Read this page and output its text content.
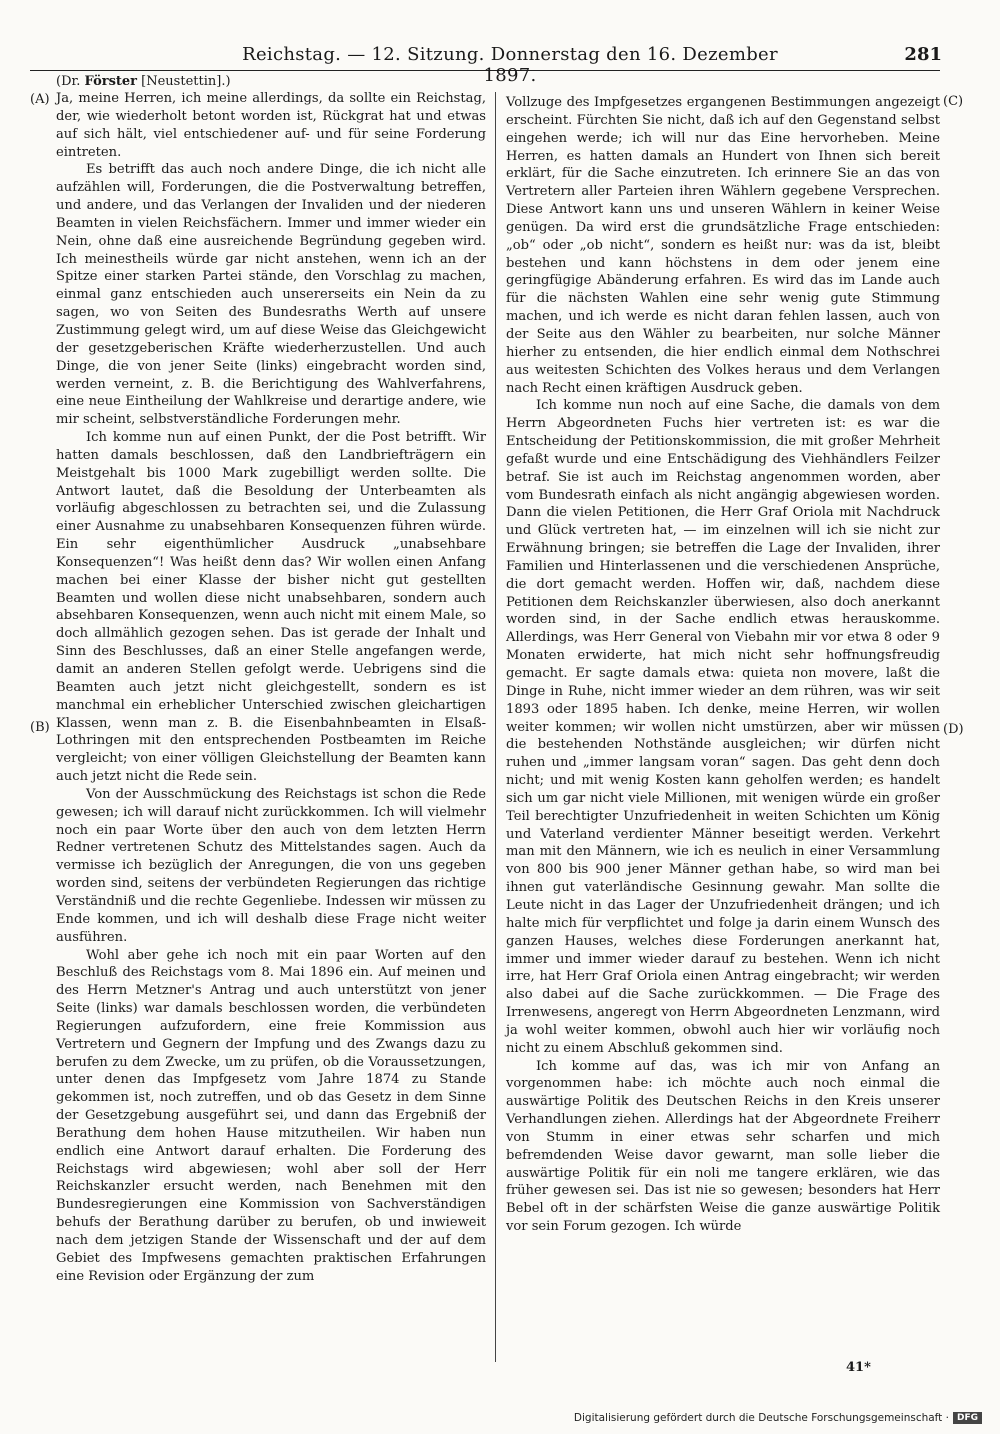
Reichstag. — 12. Sitzung. Donnerstag den 16. Dezember 1897.
281
(Dr. Förster [Neustettin].)
(A)
(B)
(C)
(D)

Ja, meine Herren, ich meine allerdings, da sollte ein Reichstag, der, wie wiederholt betont worden ist, Rückgrat hat und etwas auf sich hält, viel entschiedener auf- und für seine Forderung eintreten.

Es betrifft das auch noch andere Dinge, die ich nicht alle aufzählen will, Forderungen, die die Postverwaltung betreffen, und andere, und das Verlangen der Invaliden und der niederen Beamten in vielen Reichsfächern. Immer und immer wieder ein Nein, ohne daß eine ausreichende Begründung gegeben wird. Ich meinestheils würde gar nicht anstehen, wenn ich an der Spitze einer starken Partei stände, den Vorschlag zu machen, einmal ganz entschieden auch unsererseits ein Nein da zu sagen, wo von Seiten des Bundesraths Werth auf unsere Zustimmung gelegt wird, um auf diese Weise das Gleichgewicht der gesetzgeberischen Kräfte wiederherzustellen. Und auch Dinge, die von jener Seite (links) eingebracht worden sind, werden verneint, z. B. die Berichtigung des Wahlverfahrens, eine neue Eintheilung der Wahlkreise und derartige andere, wie mir scheint, selbstverständliche Forderungen mehr.

Ich komme nun auf einen Punkt, der die Post betrifft. Wir hatten damals beschlossen, daß den Landbriefträgern ein Meistgehalt bis 1000 Mark zugebilligt werden sollte. Die Antwort lautet, daß die Besoldung der Unterbeamten als vorläufig abgeschlossen zu betrachten sei, und die Zulassung einer Ausnahme zu unabsehbaren Konsequenzen führen würde. Ein sehr eigenthümlicher Ausdruck „unabsehbare Konsequenzen“! Was heißt denn das? Wir wollen einen Anfang machen bei einer Klasse der bisher nicht gut gestellten Beamten und wollen diese nicht unabsehbaren, sondern auch absehbaren Konsequenzen, wenn auch nicht mit einem Male, so doch allmählich gezogen sehen. Das ist gerade der Inhalt und Sinn des Beschlusses, daß an einer Stelle angefangen werde, damit an anderen Stellen gefolgt werde. Uebrigens sind die Beamten auch jetzt nicht gleichgestellt, sondern es ist manchmal ein erheblicher Unterschied zwischen gleichartigen Klassen, wenn man z. B. die Eisenbahnbeamten in Elsaß-Lothringen mit den entsprechenden Postbeamten im Reiche vergleicht; von einer völligen Gleichstellung der Beamten kann auch jetzt nicht die Rede sein.

Von der Ausschmückung des Reichstags ist schon die Rede gewesen; ich will darauf nicht zurückkommen. Ich will vielmehr noch ein paar Worte über den auch von dem letzten Herrn Redner vertretenen Schutz des Mittelstandes sagen. Auch da vermisse ich bezüglich der Anregungen, die von uns gegeben worden sind, seitens der verbündeten Regierungen das richtige Verständniß und die rechte Gegenliebe. Indessen wir müssen zu Ende kommen, und ich will deshalb diese Frage nicht weiter ausführen.

Wohl aber gehe ich noch mit ein paar Worten auf den Beschluß des Reichstags vom 8. Mai 1896 ein. Auf meinen und des Herrn Metzner's Antrag und auch unterstützt von jener Seite (links) war damals beschlossen worden, die verbündeten Regierungen aufzufordern, eine freie Kommission aus Vertretern und Gegnern der Impfung und des Zwangs dazu zu berufen zu dem Zwecke, um zu prüfen, ob die Voraussetzungen, unter denen das Impfgesetz vom Jahre 1874 zu Stande gekommen ist, noch zutreffen, und ob das Gesetz in dem Sinne der Gesetzgebung ausgeführt sei, und dann das Ergebniß der Berathung dem hohen Hause mitzutheilen. Wir haben nun endlich eine Antwort darauf erhalten. Die Forderung des Reichstags wird abgewiesen; wohl aber soll der Herr Reichskanzler ersucht werden, nach Benehmen mit den Bundesregierungen eine Kommission von Sachverständigen behufs der Berathung darüber zu berufen, ob und inwieweit nach dem jetzigen Stande der Wissenschaft und der auf dem Gebiet des Impfwesens gemachten praktischen Erfahrungen eine Revision oder Ergänzung der zum

Vollzuge des Impfgesetzes ergangenen Bestimmungen angezeigt erscheint. Fürchten Sie nicht, daß ich auf den Gegenstand selbst eingehen werde; ich will nur das Eine hervorheben. Meine Herren, es hatten damals an Hundert von Ihnen sich bereit erklärt, für die Sache einzutreten. Ich erinnere Sie an das von Vertretern aller Parteien ihren Wählern gegebene Versprechen. Diese Antwort kann uns und unseren Wählern in keiner Weise genügen. Da wird erst die grundsätzliche Frage entschieden: „ob“ oder „ob nicht“, sondern es heißt nur: was da ist, bleibt bestehen und kann höchstens in dem oder jenem eine geringfügige Abänderung erfahren. Es wird das im Lande auch für die nächsten Wahlen eine sehr wenig gute Stimmung machen, und ich werde es nicht daran fehlen lassen, auch von der Seite aus den Wähler zu bearbeiten, nur solche Männer hierher zu entsenden, die hier endlich einmal dem Nothschrei aus weitesten Schichten des Volkes heraus und dem Verlangen nach Recht einen kräftigen Ausdruck geben.

Ich komme nun noch auf eine Sache, die damals von dem Herrn Abgeordneten Fuchs hier vertreten ist: es war die Entscheidung der Petitionskommission, die mit großer Mehrheit gefaßt wurde und eine Entschädigung des Viehhändlers Feilzer betraf. Sie ist auch im Reichstag angenommen worden, aber vom Bundesrath einfach als nicht angängig abgewiesen worden. Dann die vielen Petitionen, die Herr Graf Oriola mit Nachdruck und Glück vertreten hat, — im einzelnen will ich sie nicht zur Erwähnung bringen; sie betreffen die Lage der Invaliden, ihrer Familien und Hinterlassenen und die verschiedenen Ansprüche, die dort gemacht werden. Hoffen wir, daß, nachdem diese Petitionen dem Reichskanzler überwiesen, also doch anerkannt worden sind, in der Sache endlich etwas herauskomme. Allerdings, was Herr General von Viebahn mir vor etwa 8 oder 9 Monaten erwiderte, hat mich nicht sehr hoffnungsfreudig gemacht. Er sagte damals etwa: quieta non movere, laßt die Dinge in Ruhe, nicht immer wieder an dem rühren, was wir seit 1893 oder 1895 haben. Ich denke, meine Herren, wir wollen weiter kommen; wir wollen nicht umstürzen, aber wir müssen die bestehenden Nothstände ausgleichen; wir dürfen nicht ruhen und „immer langsam voran“ sagen. Das geht denn doch nicht; und mit wenig Kosten kann geholfen werden; es handelt sich um gar nicht viele Millionen, mit wenigen würde ein großer Teil berechtigter Unzufriedenheit in weiten Schichten um König und Vaterland verdienter Männer beseitigt werden. Verkehrt man mit den Männern, wie ich es neulich in einer Versammlung von 800 bis 900 jener Männer gethan habe, so wird man bei ihnen gut vaterländische Gesinnung gewahr. Man sollte die Leute nicht in das Lager der Unzufriedenheit drängen; und ich halte mich für verpflichtet und folge ja darin einem Wunsch des ganzen Hauses, welches diese Forderungen anerkannt hat, immer und immer wieder darauf zu bestehen. Wenn ich nicht irre, hat Herr Graf Oriola einen Antrag eingebracht; wir werden also dabei auf die Sache zurückkommen. — Die Frage des Irrenwesens, angeregt von Herrn Abgeordneten Lenzmann, wird ja wohl weiter kommen, obwohl auch hier wir vorläufig noch nicht zu einem Abschluß gekommen sind.

Ich komme auf das, was ich mir von Anfang an vorgenommen habe: ich möchte auch noch einmal die auswärtige Politik des Deutschen Reichs in den Kreis unserer Verhandlungen ziehen. Allerdings hat der Abgeordnete Freiherr von Stumm in einer etwas sehr scharfen und mich befremdenden Weise davor gewarnt, man solle lieber die auswärtige Politik für ein noli me tangere erklären, wie das früher gewesen sei. Das ist nie so gewesen; besonders hat Herr Bebel oft in der schärfsten Weise die ganze auswärtige Politik vor sein Forum gezogen. Ich würde

41*
Digitalisierung gefördert durch die Deutsche Forschungsgemeinschaft · DFG
